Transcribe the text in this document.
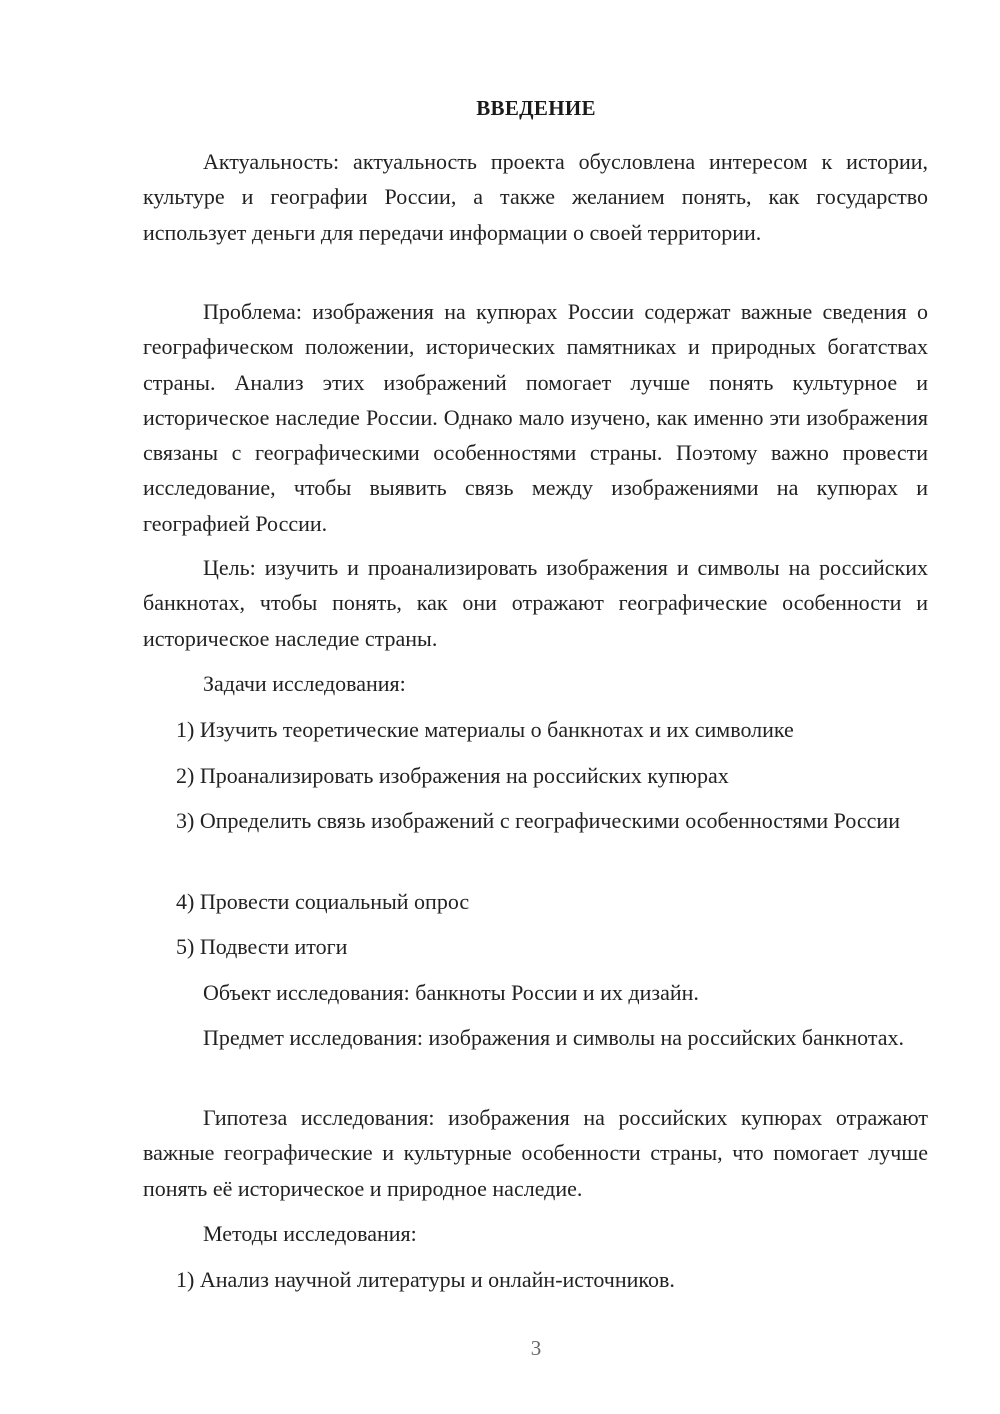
ВВЕДЕНИЕ

Актуальность: актуальность проекта обусловлена интересом к истории, культуре и географии России, а также желанием понять, как государство использует деньги для передачи информации о своей территории.

Проблема: изображения на купюрах России содержат важные сведения о географическом положении, исторических памятниках и природных богатствах страны. Анализ этих изображений помогает лучше понять культурное и историческое наследие России. Однако мало изучено, как именно эти изображения связаны с географическими особенностями страны. Поэтому важно провести исследование, чтобы выявить связь между изображениями на купюрах и географией России.

Цель: изучить и проанализировать изображения и символы на российских банкнотах, чтобы понять, как они отражают географические особенности и историческое наследие страны.

Задачи исследования:

1) Изучить теоретические материалы о банкнотах и их символике

2) Проанализировать изображения на российских купюрах

3) Определить связь изображений с географическими особенностями России

4) Провести социальный опрос

5) Подвести итоги

Объект исследования: банкноты России и их дизайн.

Предмет исследования: изображения и символы на российских банкнотах.

Гипотеза исследования: изображения на российских купюрах отражают важные географические и культурные особенности страны, что помогает лучше понять её историческое и природное наследие.

Методы исследования:

1) Анализ научной литературы и онлайн-источников.

3
